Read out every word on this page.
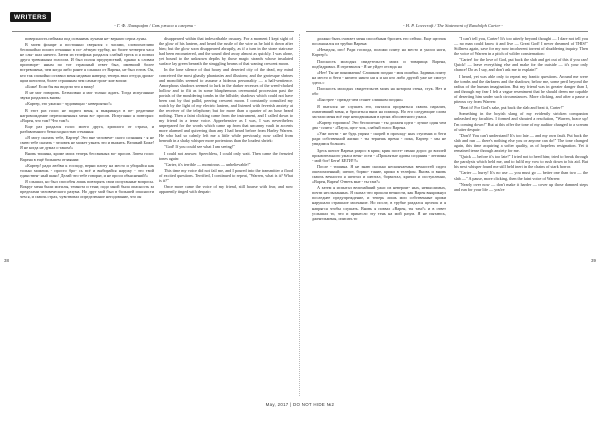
WRITERS
- Г. Ф. Лавкрафт / Свѣ ужаса и смерти -	- H. P. Lovecraft / The Statement of Randolph Carter -

поверхность пейзажа под осеннимъ лучами не- вернаго серпа луны.

В моем фонаре я постоянно сверялся с часами, словоохотливо беспокойно пошел отчаянно в по- лёткую трубку, но более четверти часа не слы- шал ничего. Затем из телефона раздался слабый треск и я позвал друга тревожным голосом. И был полон предчувствий, однако к словам приговоре- нным по тот страшный ответ был, имевший более встревожена, чем когда либо ранее я слышал от Варена, не был готов. Он, кто так спокойно оставил меня недавно наверху, теперь звал оттуда дрожа- щим шепотом, более страшным чем самые гром- кие вопли:

«Боже! Если бы вы видели что я вижу!

Я не мог говорить. Безмолвно я мог только ждать. Тогда испуганные звуки раздались вновь:

«Картер, это ужасно - чудовищно - невероятно!»

В этот раз голос не подвел меня, я выкрикнул в пе- редатчике нагромождение переполненных меня во- просов. Испуганно я повторял: «Варен, что там? Что там?»

Еще раз раздался голос моего друга, хриплого от страха, и разбавленного безысходностью отчаянья:

«Я могу сказать тебе, Картер! Это вне человече- ского сознания - я не смею тебе сказать - человек не может узнать это и выжить. Великий Боже! Я не когда не думал о таком!»

Вновь тишина, кроме моих теперь бессвязных во- просов. Затем голос Варена в ещё большем отчаянии:

«Картер! ради любви к господу, верни плиту на место и убирайся как только можешь - просто бро- сь всё и выбирайся наружу - это твой единствен- ный шанс! Делай что тебе говорят, и не проси объяснений!»

Я слышал, но был способен лишь повторять свои испуганные вопросы. Вокруг меня были могилы, темнота и тени; подо мной была опасность за пределами человеческого разума. Но друг мой был в большей опасности чем я, и сквозь страх, чувствовал определенное негодование, что он

disappeared within that indescribable ossuary. For a moment I kept sight of the glow of his lantern, and heard the rustle of the wire as he laid it down after him; but the glow soon disappeared abruptly, as if a turn in the stone staircase had been encountered, and the sound died away almost as quickly. I was alone, yet bound to the unknown depths by those magic strands whose insulated surface lay green beneath the struggling beams of that waning crescent moon.

In the lone silence of that hoary and deserted city of the dead, my mind conceived the most ghastly phantasies and illusions; and the grotesque shrines and monoliths seemed to assume a hideous personality — a half-sentience. Amorphous shadows seemed to lurk in the darker recesses of the weed-choked hollow and to flit as in some blasphemous ceremonial procession past the portals of the mouldering tombs in the hillside; shadows which could not have been cast by that pallid, peering crescent moon. I constantly consulted my watch by the light of my electric lantern, and listened with feverish anxiety at the receiver of the telephone; but for more than a quarter of an hour heard nothing. Then a faint clicking came from the instrument, and I called down to my friend in a tense voice. Apprehensive as I was, I was nevertheless unprepared for the words which came up from that uncanny vault in accents more alarmed and quivering than any I had heard before from Harley Warren. He who had so calmly left me a little while previously, now called from beneath in a shaky whisper more portentous than the loudest shriek:

"God! If you could see what I am seeing!"

I could not answer. Speechless, I could only wait. Then came the frenzied tones again:

"Carter, it's terrible — monstrous — unbelievable!"

This time my voice did not fail me, and I poured into the transmitter a flood of excited questions. Terrified, I continued to repeat, "Warren, what is it? What is it?"

Once more came the voice of my friend, still hoarse with fear, and now apparently tinged with despair:

должно быть считает меня способным бросить его сейчас. Еще щелчок послышался из трубки Варена:

«Немедля, иго! Ради господа, положи плиту на место и уноси ноги, Картер!»

Плоскость молодых свидетельств моих и товарища Варена, подбадривал. Я отрезвился - Я не уйдет отсюда на

«Нет! Ты не понимаешь! Слишком поздно - моя ошибка. Задвинь плиту на место и беги - ничего никто ни я и ни кто либо другой уже не смогут здесь с

Плоскость молодых свидетельств моих на котором стена, стук. Нет и обо

«Быстрее - прежде чем станет слишком поздно»

Я пытался не слушать его, пытался прорваться сквозь паралич, охвативший меня, и броситься вниз на помощь. Но его следующие слова застали меня всё еще неподвижным в цепях абсолютного ужаса.

«Картер торопись! Это бесполезно - ты должен идти - лучше один чем два - плита - «Пауза, щел- чок, слабый голос Варена.

«Уже почти - не будь упрям - скорей в прохлад- ных ступенях и беги ради собственной жизни - ты теряешь время - пока, Картер - мы не увидимся больше»

Здесь шепот Варена разрос в крик; крик посте- пенно дорос до воплей пронзительного ужаса вечн- ости - «Проклятые адовы создания - легионы - мой бог! Беги! БЕГИ!!!»

После - тишина. Я не знаю сколько нескончаемых вечностей сидел ошеломленный; шепот, бормо- тание, крики в телефон. Вновь и вновь сквозь вечности я шептал и шептал, бормотал, кричал и исступленно, «Варен, Варен! Ответь мне - ты там?»

А затем я испытал величайший ужас из невероят- ных, немыслимых, почти неслыханных. Я сказал что прошли вечности, как Варен выкрикнул последнее предупреждение, и теперь лишь мои собственные крики нарушали страшное молчание. Но после, в трубке раздался щелчок и я напрягся чтобы слушать. Вновь я позвал «Варен, ты там?» и в ответ услышал то, что и принесло эту тень на мой разум. Я не пытаюсь, джентльмены, описать то

"I can't tell you, Carter! It's too utterly beyond thought — I dare not tell you — no man could know it and live — Great God! I never dreamed of THIS!" Stillness again, save for my now incoherent torrent of shuddering inquiry. Then the voice of Warren in a pitch of wilder consternation:

"Carter! for the love of God, put back the slab and get out of this if you can! Quick! — leave everything else and make for the outside — it's your only chance! Do as I say, and don't ask me to explain!"

I heard, yet was able only to repeat my frantic questions. Around me were the tombs and the darkness and the shadows; below me, some peril beyond the radius of the human imagination. But my friend was in greater danger than I, and through my fear I felt a vague resentment that he should deem me capable of deserting him under such circumstances. More clicking, and after a pause a piteous cry from Warren:

"Beat it! For God's sake, put back the slab and beat it, Carter!"

Something in the boyish slang of my evidently stricken companion unleashed my faculties. I formed and shouted a resolution, "Warren, brace up! I'm coming down!" But at this offer the tone of my auditor changed to a scream of utter despair:

"Don't! You can't understand! It's too late — and my own fault. Put back the slab and run — there's nothing else you or anyone can do!" The tone changed again, this time acquiring a softer quality, as of hopeless resignation. Yet it remained tense through anxiety for me.

"Quick — before it's too late!" I tried not to heed him; tried to break through the paralysis which held me, and to fulfil my vow to rush down to his aid. But his next whisper found me still held inert in the chains of stark horror.

"Carter — hurry! It's no use — you must go — better one than two — the slab —" A pause, more clicking, then the faint voice of Warren:

"Nearly over now — don't make it harder — cover up those damned steps and run for your life — you're

38	39
May, 2017 | DO NOT HIDE №2
